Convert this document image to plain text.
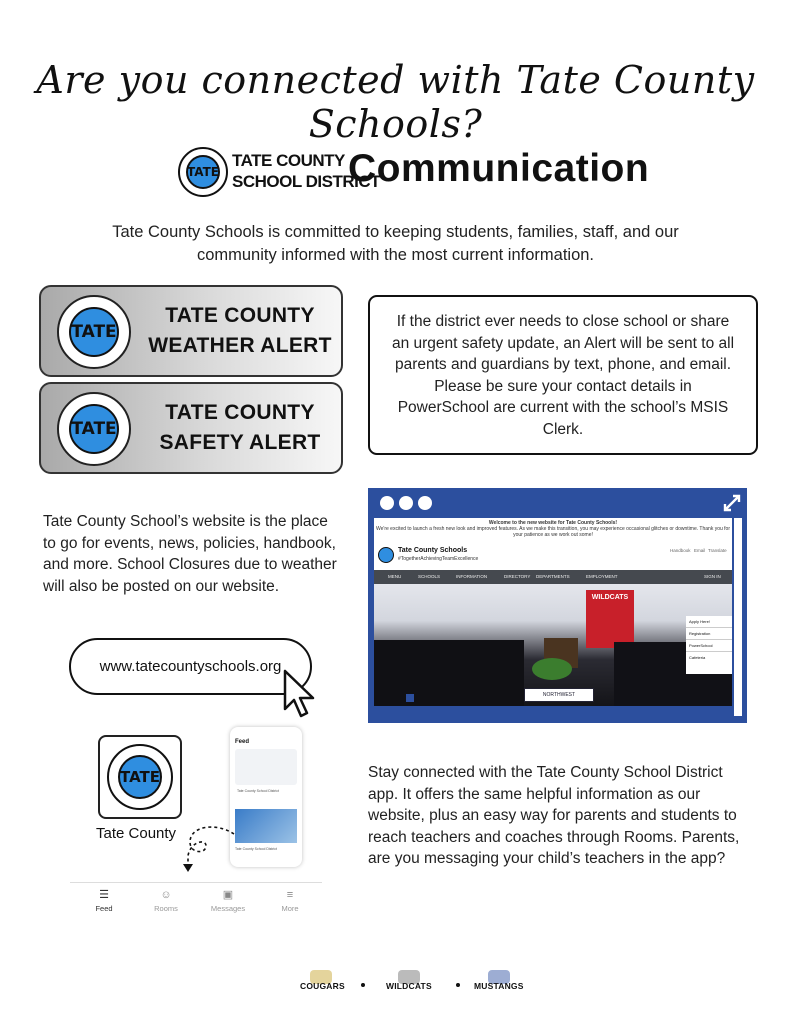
Are you connected with Tate County Schools?
TATE
TATE COUNTY
SCHOOL DISTRICT
Communication
Tate County Schools is committed to keeping students, families, staff, and our community informed with the most current information.
TATE
TATE COUNTY
WEATHER ALERT
TATE
TATE COUNTY
SAFETY ALERT
If the district ever needs to close school or share an urgent safety update, an Alert will be sent to all parents and guardians by text, phone, and email. Please be sure your contact details in PowerSchool are current with the school’s MSIS Clerk.
Tate County School’s website is the place to go for events, news, policies, handbook, and more. School Closures due to weather will also be posted on our website.
www.tatecountyschools.org
Welcome to the new website for Tate County Schools!
We're excited to launch a fresh new look and improved features. As we make this transition, you may experience occasional glitches or downtime. Thank you for your patience as we work out some!
Tate County Schools
#TogetherAchievingTeamExcellence
Handbook Email Translate
MENU	SCHOOLS	INFORMATION	DIRECTORY DEPARTMENTS	EMPLOYMENT	SIGN IN
WILDCATS
NORTHWEST
Apply Here!
Registration
PowerSchool
Cafeteria
TATE
Tate County
Feed
Tate County School District
Tate County School District
☰
Feed
☺
Rooms
▣
Messages
≡
More
Stay connected with the Tate County School District app. It offers the same helpful information as our website, plus an easy way for parents and students to reach teachers and coaches through Rooms. Parents, are you messaging your child’s teachers in the app?
COUGARS	WILDCATS	MUSTANGS
